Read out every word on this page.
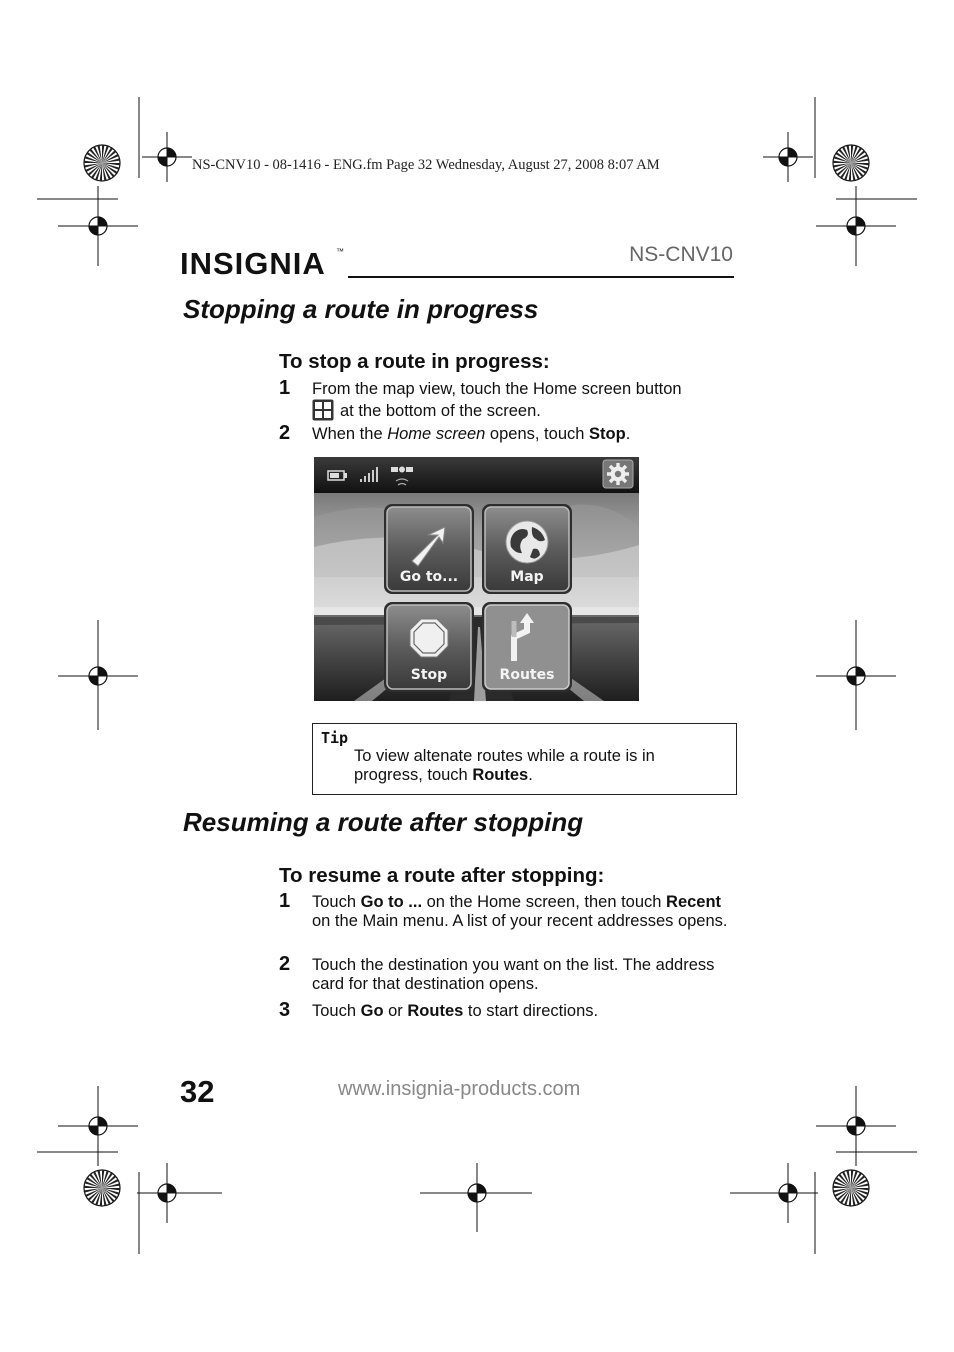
NS-CNV10 - 08-1416 - ENG.fm Page 32 Wednesday, August 27, 2008 8:07 AM
INSIGNIA ™	NS-CNV10
Stopping a route in progress
To stop a route in progress:
1 From the map view, touch the Home screen button
at the bottom of the screen.
2 When the Home screen opens, touch Stop.
Go to...	Map
Stop	Routes
Tip
To view altenate routes while a route is in progress, touch Routes.
Resuming a route after stopping
To resume a route after stopping:
1 Touch Go to ... on the Home screen, then touch Recent on the Main menu. A list of your recent addresses opens.
2 Touch the destination you want on the list. The address card for that destination opens.
3 Touch Go or Routes to start directions.
32	www.insignia-products.com
